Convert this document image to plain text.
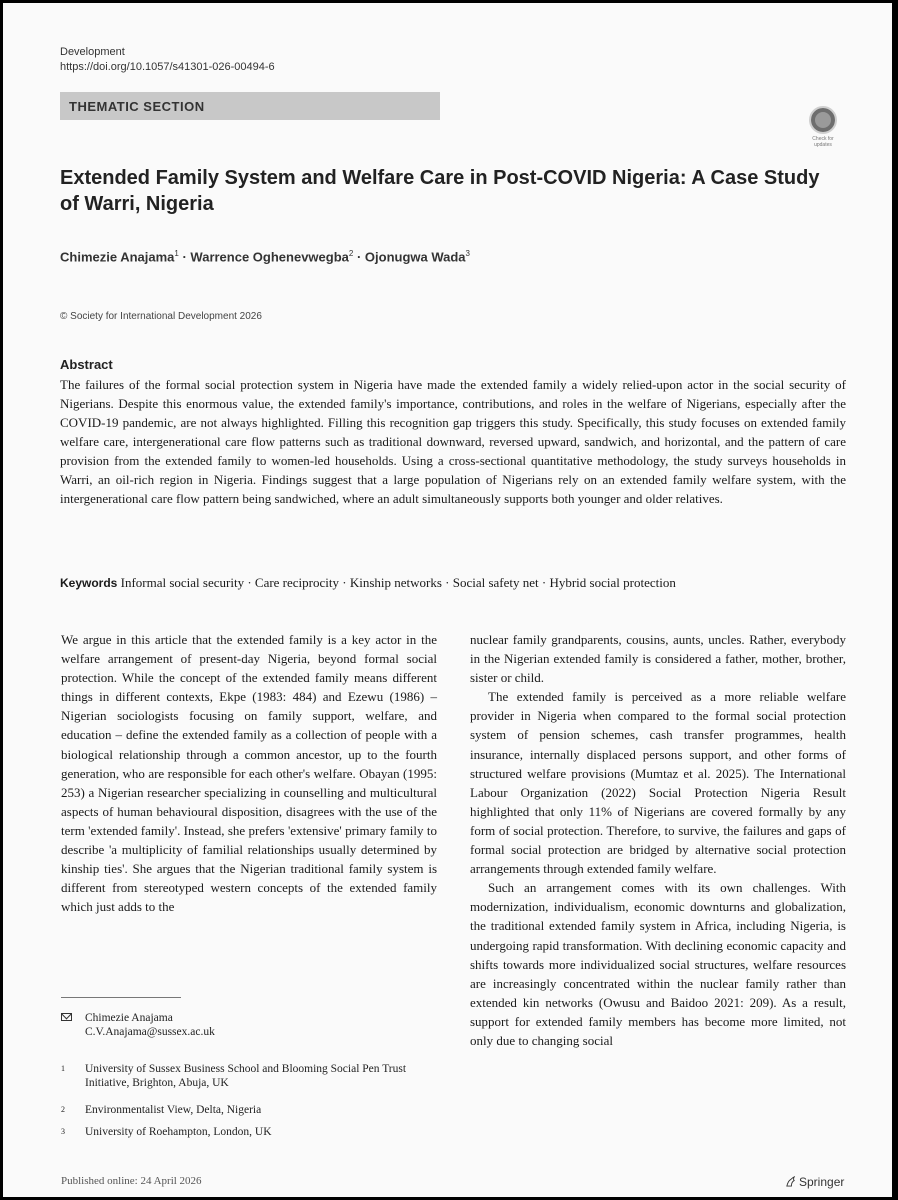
Development
https://doi.org/10.1057/s41301-026-00494-6
THEMATIC SECTION
Check for updates
Extended Family System and Welfare Care in Post-COVID Nigeria: A Case Study of Warri, Nigeria
Chimezie Anajama$^1$ · Warrence Oghenevwegba$^2$ · Ojonugwa Wada$^3$
© Society for International Development 2026
Abstract

The failures of the formal social protection system in Nigeria have made the extended family a widely relied-upon actor in the social security of Nigerians. Despite this enormous value, the extended family's importance, contributions, and roles in the welfare of Nigerians, especially after the COVID-19 pandemic, are not always highlighted. Filling this recognition gap triggers this study. Specifically, this study focuses on extended family welfare care, intergenerational care flow patterns such as traditional downward, reversed upward, sandwich, and horizontal, and the pattern of care provision from the extended family to women-led households. Using a cross-sectional quantitative methodology, the study surveys households in Warri, an oil-rich region in Nigeria. Findings suggest that a large population of Nigerians rely on an extended family welfare system, with the intergenerational care flow pattern being sandwiched, where an adult simultaneously supports both younger and older relatives.

Keywords Informal social security · Care reciprocity · Kinship networks · Social safety net · Hybrid social protection

We argue in this article that the extended family is a key actor in the welfare arrangement of present-day Nigeria, beyond formal social protection. While the concept of the extended family means different things in different contexts, Ekpe (1983: 484) and Ezewu (1986) – Nigerian sociologists focusing on family support, welfare, and education – define the extended family as a collection of people with a biological relationship through a common ancestor, up to the fourth generation, who are responsible for each other's welfare. Obayan (1995: 253) a Nigerian researcher specializing in counselling and multicultural aspects of human behavioural disposition, disagrees with the use of the term 'extended family'. Instead, she prefers 'extensive' primary family to describe 'a multiplicity of familial relationships usually determined by kinship ties'. She argues that the Nigerian traditional family system is different from stereotyped western concepts of the extended family which just adds to the

nuclear family grandparents, cousins, aunts, uncles. Rather, everybody in the Nigerian extended family is considered a father, mother, brother, sister or child.

The extended family is perceived as a more reliable welfare provider in Nigeria when compared to the formal social protection system of pension schemes, cash transfer programmes, health insurance, internally displaced persons support, and other forms of structured welfare provisions (Mumtaz et al. 2025). The International Labour Organization (2022) Social Protection Nigeria Result highlighted that only 11% of Nigerians are covered formally by any form of social protection. Therefore, to survive, the failures and gaps of formal social protection are bridged by alternative social protection arrangements through extended family welfare.

Such an arrangement comes with its own challenges. With modernization, individualism, economic downturns and globalization, the traditional extended family system in Africa, including Nigeria, is undergoing rapid transformation. With declining economic capacity and shifts towards more individualized social structures, welfare resources are increasingly concentrated within the nuclear family rather than extended kin networks (Owusu and Baidoo 2021: 209). As a result, support for extended family members has become more limited, not only due to changing social

Chimezie Anajama
C.V.Anajama@sussex.ac.uk
1 University of Sussex Business School and Blooming Social Pen Trust Initiative, Brighton, Abuja, UK
2 Environmentalist View, Delta, Nigeria
3 University of Roehampton, London, UK
Published online: 24 April 2026	Springer
